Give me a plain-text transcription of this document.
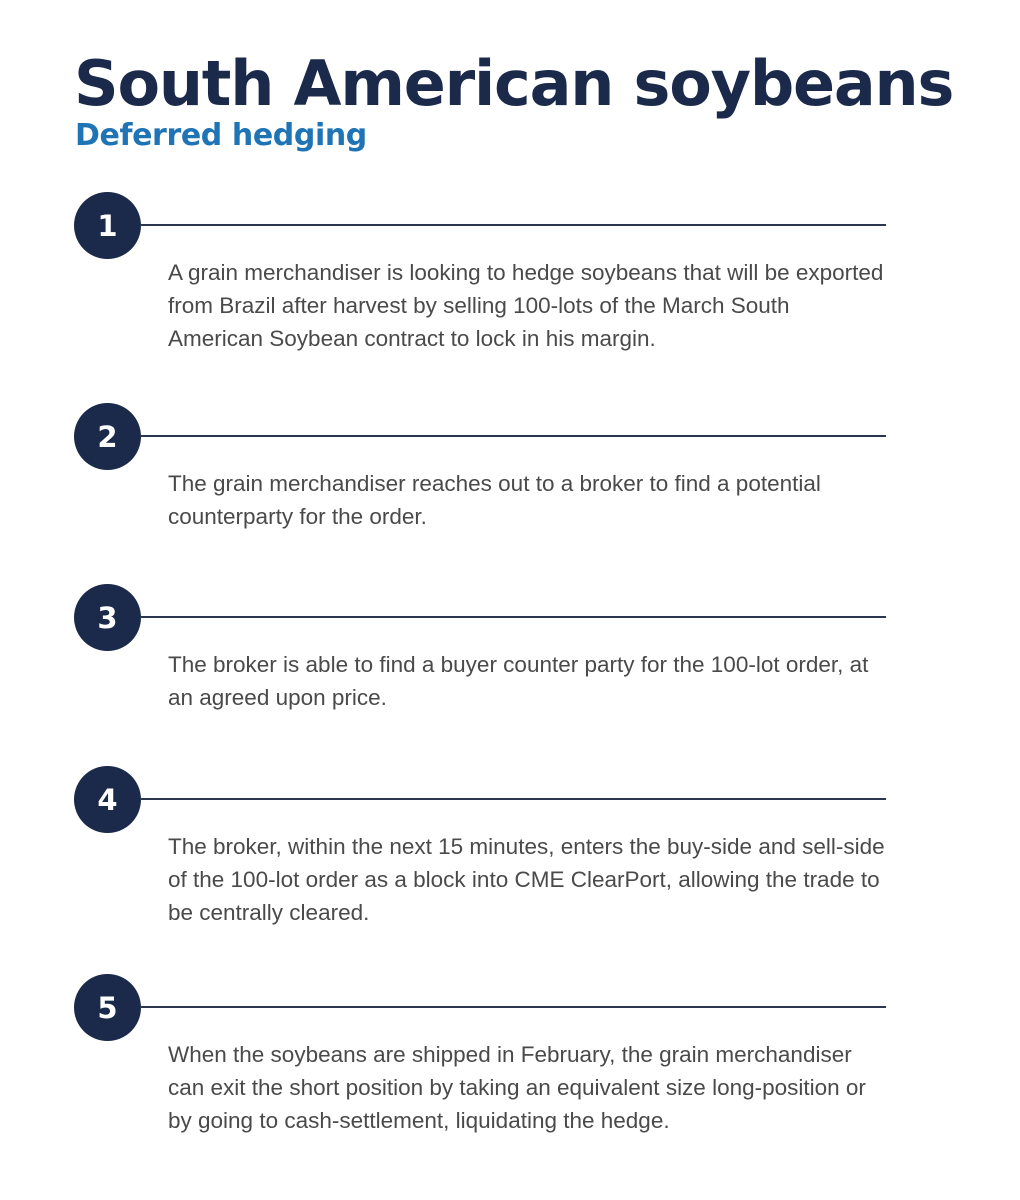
South American soybeans
Deferred hedging
1

A grain merchandiser is looking to hedge soybeans that will be exported from Brazil after harvest by selling 100-lots of the March South American Soybean contract to lock in his margin.

2

The grain merchandiser reaches out to a broker to find a potential counterparty for the order.

3

The broker is able to find a buyer counter party for the 100-lot order, at an agreed upon price.

4

The broker, within the next 15 minutes, enters the buy-side and sell-side of the 100-lot order as a block into CME ClearPort, allowing the trade to be centrally cleared.

5

When the soybeans are shipped in February, the grain merchandiser can exit the short position by taking an equivalent size long-position or by going to cash-settlement, liquidating the hedge.
